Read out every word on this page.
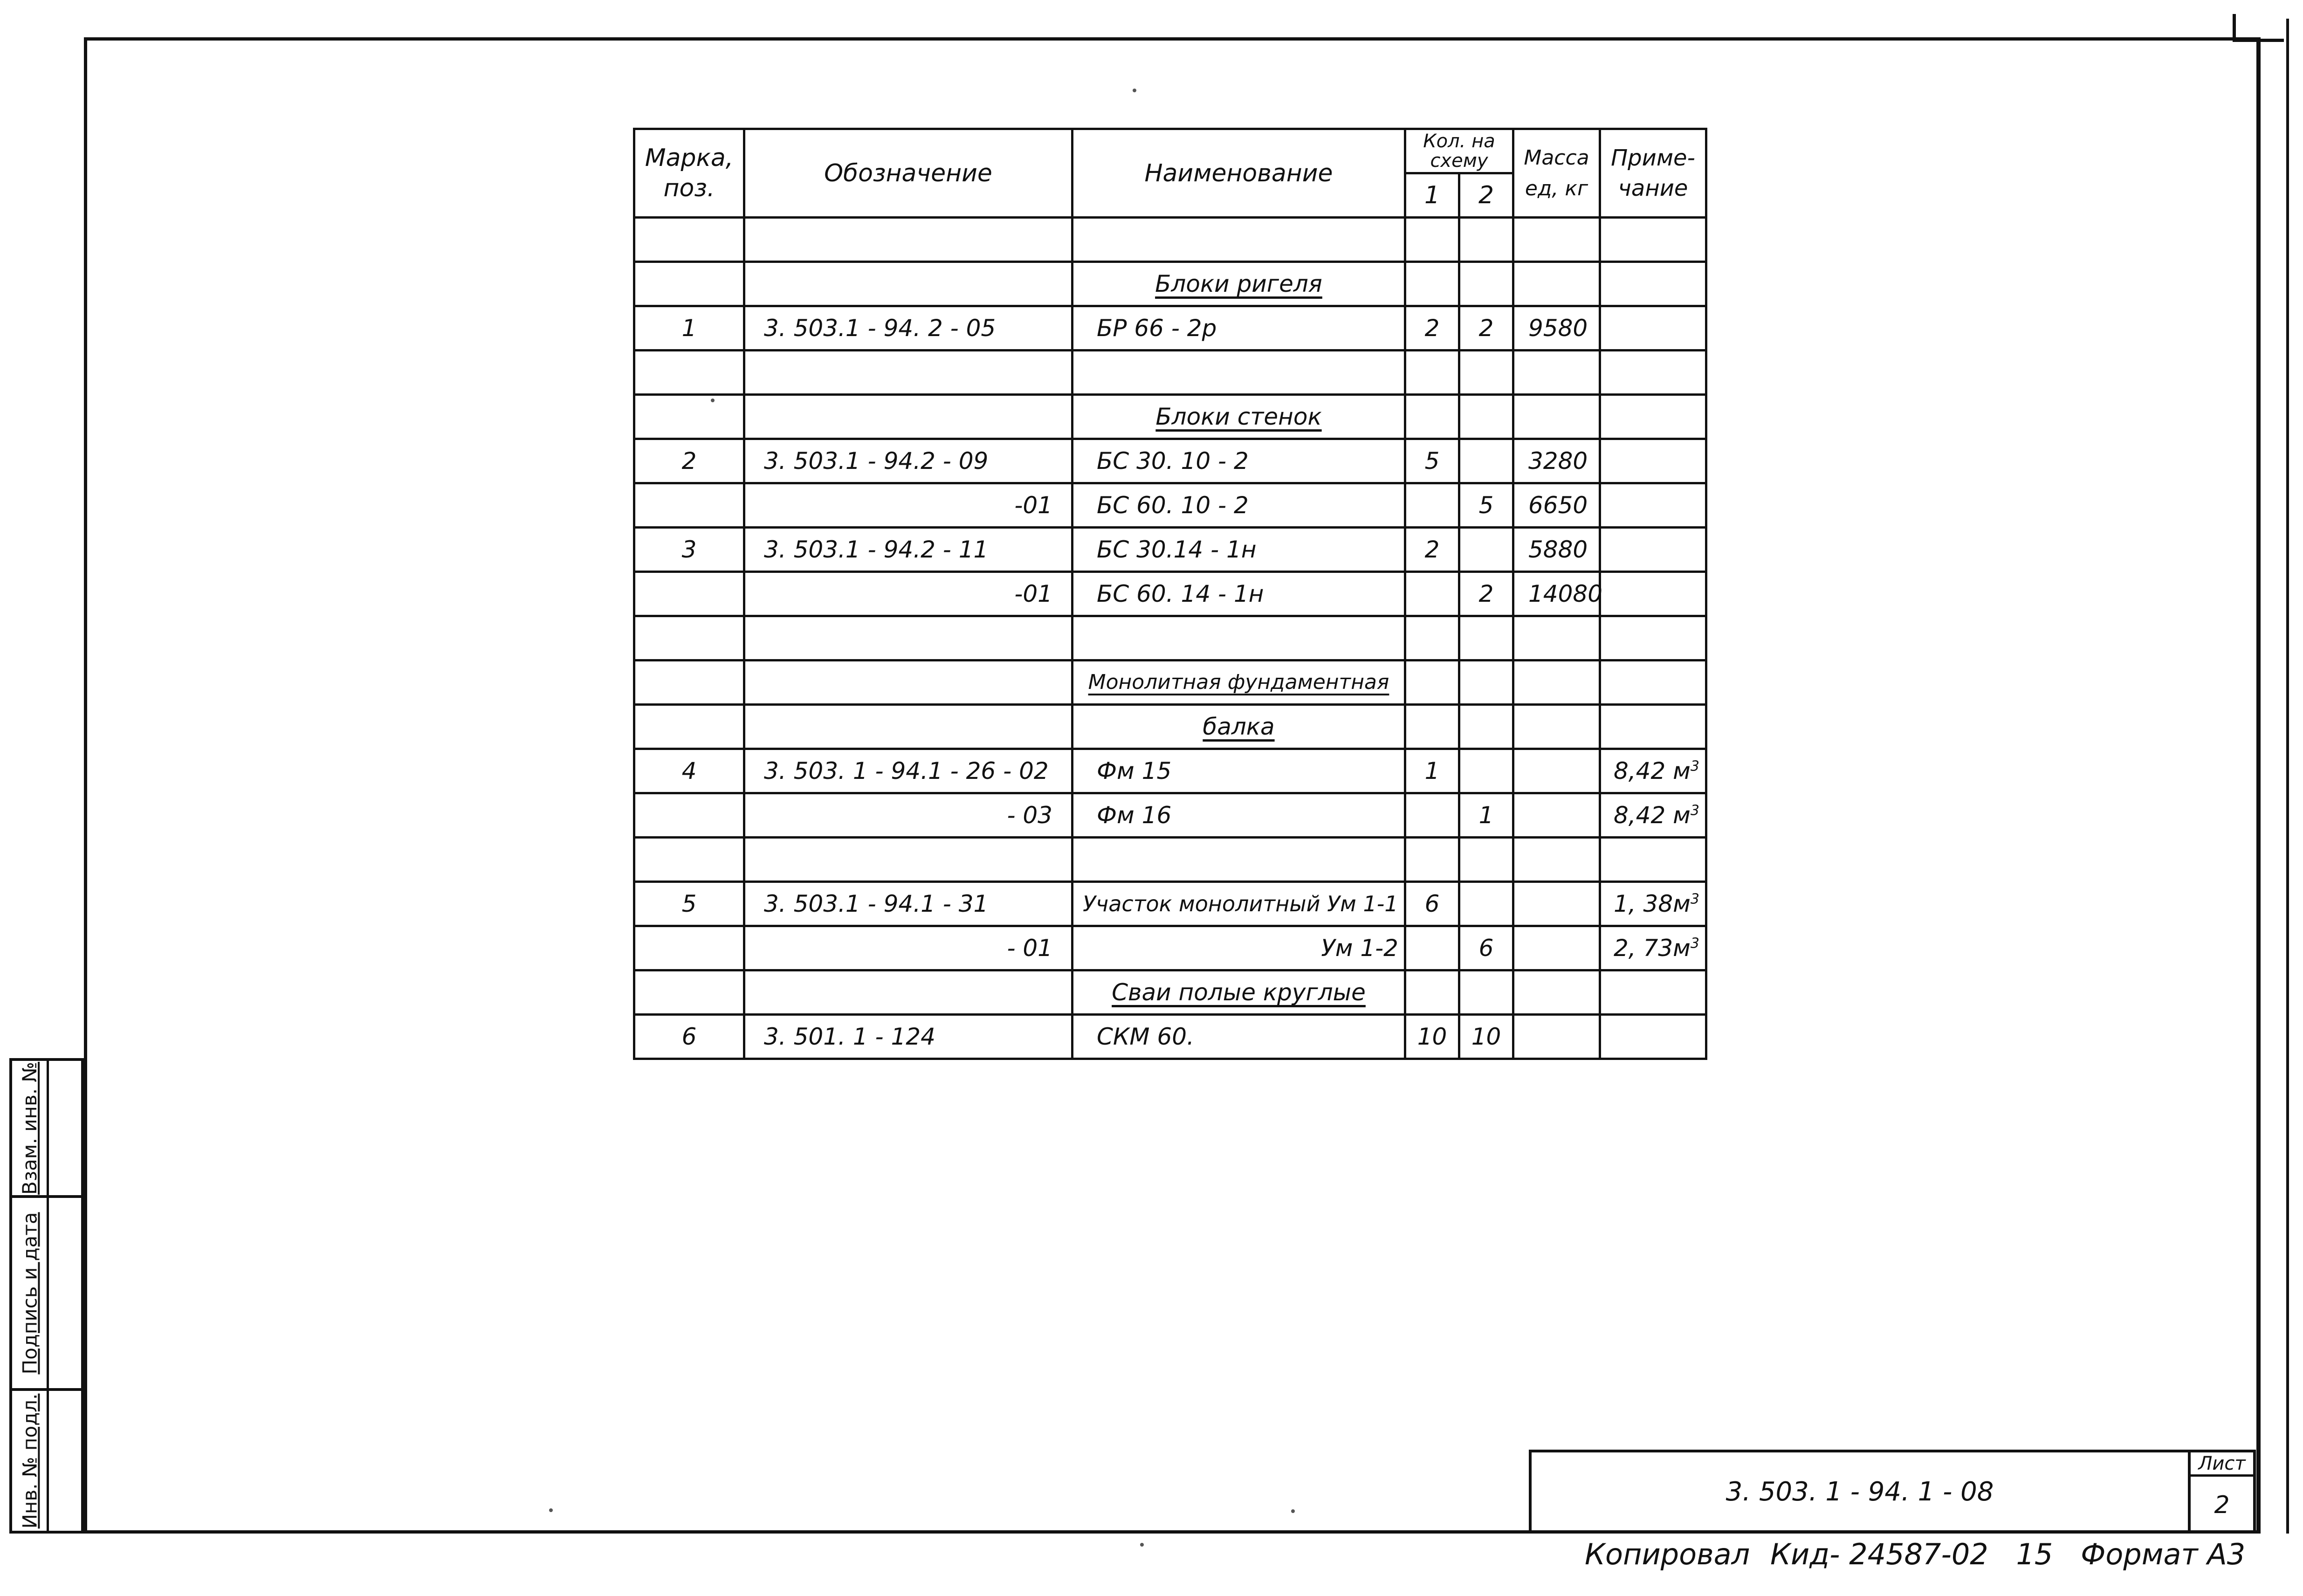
Взам. инв. №
Подпись и дата
Инв. № подл.
Марка, поз.	Обозначение	Наименование	Кол. на схему		Масса ед, кг	Приме- чание
			1	2		

		Блоки ригеля				
1	3. 503.1 - 94. 2 - 05	БР 66 - 2р	2	2	9580	

		Блоки стенок				
2	3. 503.1 - 94.2 - 09	БС 30. 10 - 2	5		3280	
	-01	БС 60. 10 - 2		5	6650	
3	3. 503.1 - 94.2 - 11	БС 30.14 - 1н	2		5880	
	-01	БС 60. 14 - 1н		2	14080	

		Монолитная фундаментная				
		балка				
4	3. 503. 1 - 94.1 - 26 - 02	Фм 15	1			8,42 $м^3$
	- 03	Фм 16		1		8,42 $м^3$

5	3. 503.1 - 94.1 - 31	Участок монолитный Ум 1-1	6			1, $38м^3$
	- 01	Ум 1-2		6		2, $73м^3$
		Сваи полые круглые				
6	3. 501. 1 - 124	СКМ 60.	10	10		
3. 503. 1 - 94. 1 - 08
Лист
2
Копировал Кид- 24587-02 15 Формат А3
